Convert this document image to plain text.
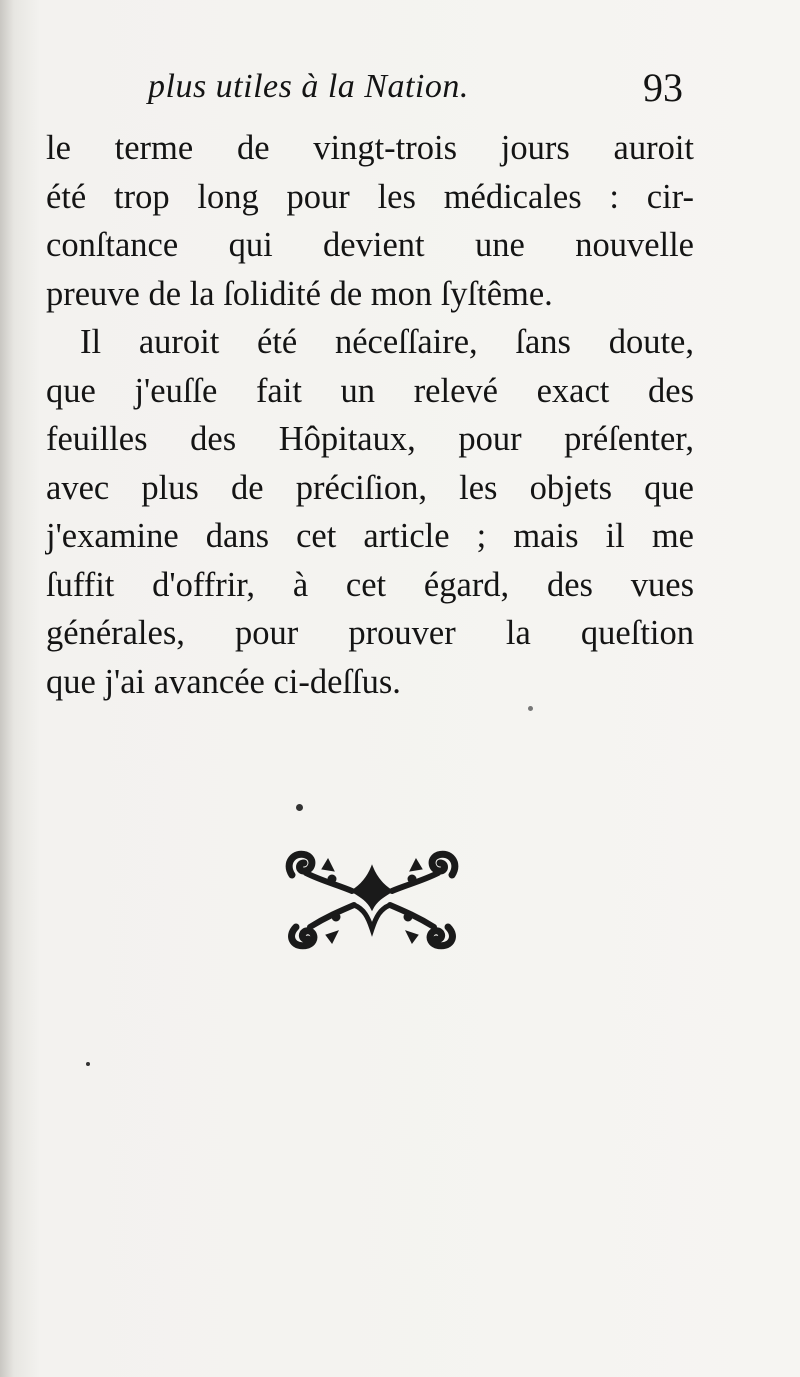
plus utiles à la Nation.	93
le terme de vingt-trois jours auroit
été trop long pour les médicales : cir-
conſtance qui devient une nouvelle
preuve de la ſolidité de mon ſyſtême.
Il auroit été néceſſaire, ſans doute,
que j'euſſe fait un relevé exact des
feuilles des Hôpitaux, pour préſenter,
avec plus de préciſion, les objets que
j'examine dans cet article ; mais il me
ſuffit d'offrir, à cet égard, des vues
générales, pour prouver la queſtion
que j'ai avancée ci-deſſus.
